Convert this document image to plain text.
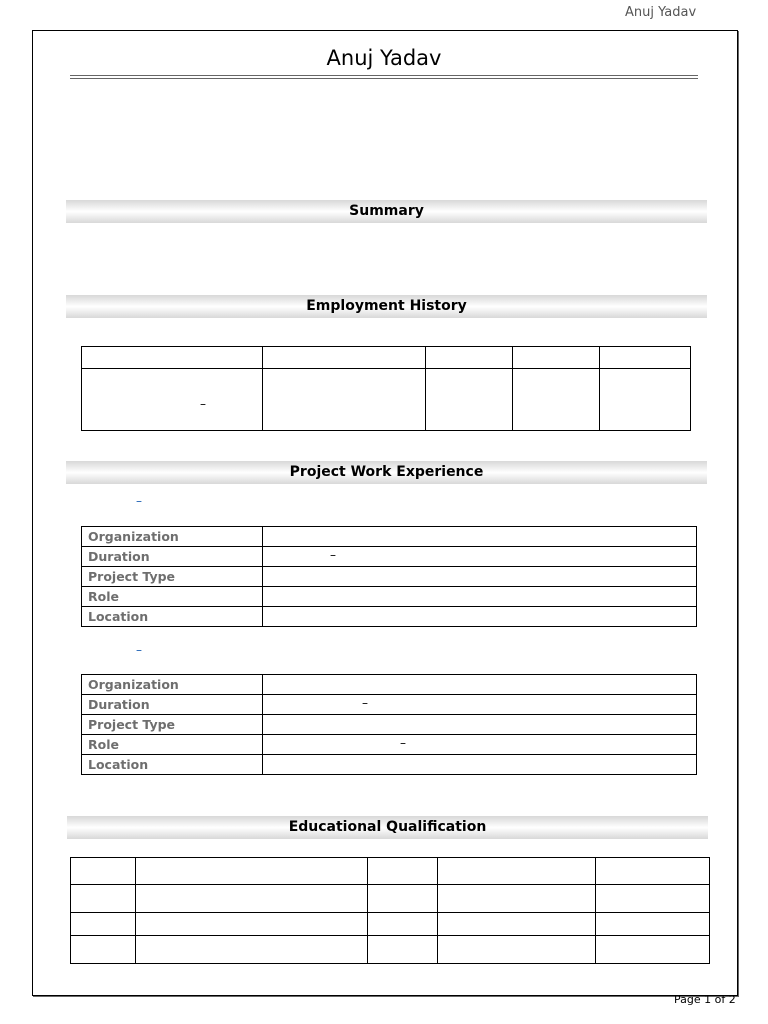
Anuj Yadav
Anuj Yadav
Summary
Employment History

–				

Project Work Experience
–
Organization	
Duration	–

Project Type	
Role	
Location	
–
Organization	
Duration	–

Project Type	
Role	–

Location	
Educational Qualification

Page 1 of 2
